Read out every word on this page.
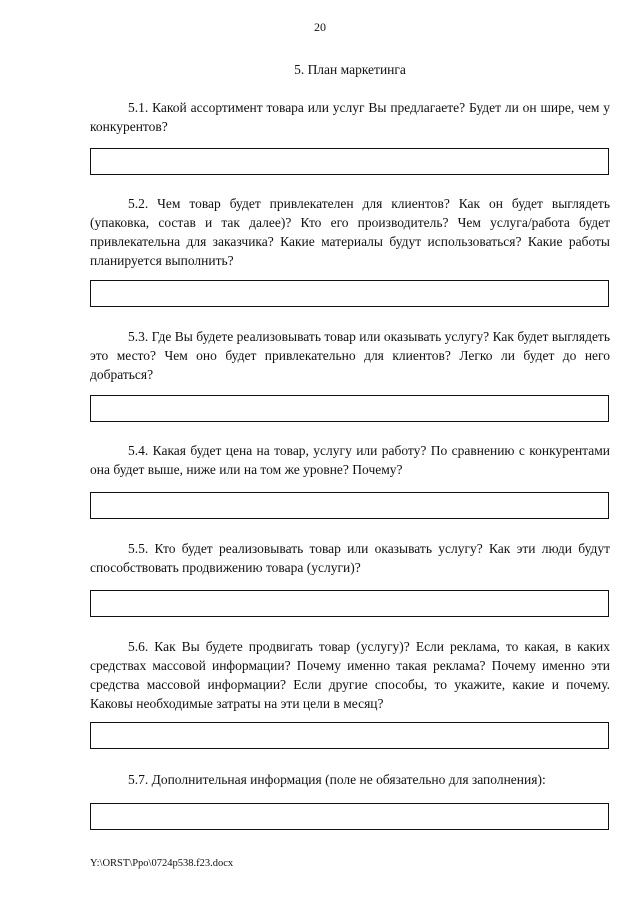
20
5. План маркетинга

5.1. Какой ассортимент товара или услуг Вы предлагаете? Будет ли он шире, чем у конкурентов?

5.2. Чем товар будет привлекателен для клиентов? Как он будет выглядеть (упаковка, состав и так далее)? Кто его производитель? Чем услуга/работа будет привлекательна для заказчика? Какие материалы будут использоваться? Какие работы планируется выполнить?

5.3. Где Вы будете реализовывать товар или оказывать услугу? Как будет выглядеть это место? Чем оно будет привлекательно для клиентов? Легко ли будет до него добраться?

5.4. Какая будет цена на товар, услугу или работу? По сравнению с конкурентами она будет выше, ниже или на том же уровне? Почему?

5.5. Кто будет реализовывать товар или оказывать услугу? Как эти люди будут способствовать продвижению товара (услуги)?

5.6. Как Вы будете продвигать товар (услугу)? Если реклама, то какая, в каких средствах массовой информации? Почему именно такая реклама? Почему именно эти средства массовой информации? Если другие способы, то укажите, какие и почему. Каковы необходимые затраты на эти цели в месяц?

5.7. Дополнительная информация (поле не обязательно для заполнения):

Y:\ORST\Ppo\0724p538.f23.docx
